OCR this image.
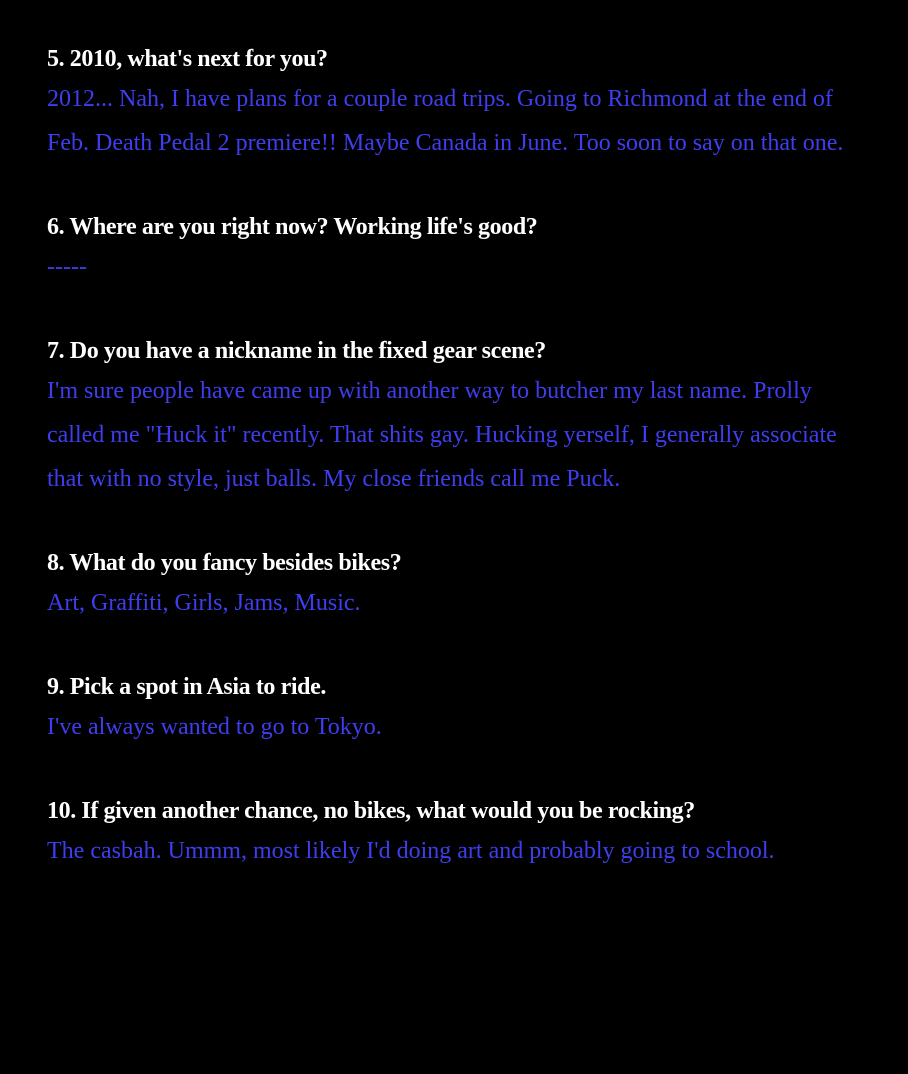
5. 2010, what's next for you?

2012... Nah, I have plans for a couple road trips. Going to Richmond at the end of Feb. Death Pedal 2 premiere!! Maybe Canada in June. Too soon to say on that one.

6. Where are you right now? Working life's good?

-----

7. Do you have a nickname in the fixed gear scene?

I'm sure people have came up with another way to butcher my last name. Prolly called me "Huck it" recently. That shits gay. Hucking yerself, I generally associate that with no style, just balls. My close friends call me Puck.

8. What do you fancy besides bikes?

Art, Graffiti, Girls, Jams, Music.

9. Pick a spot in Asia to ride.

I've always wanted to go to Tokyo.

10. If given another chance, no bikes, what would you be rocking?

The casbah. Ummm, most likely I'd doing art and probably going to school.
